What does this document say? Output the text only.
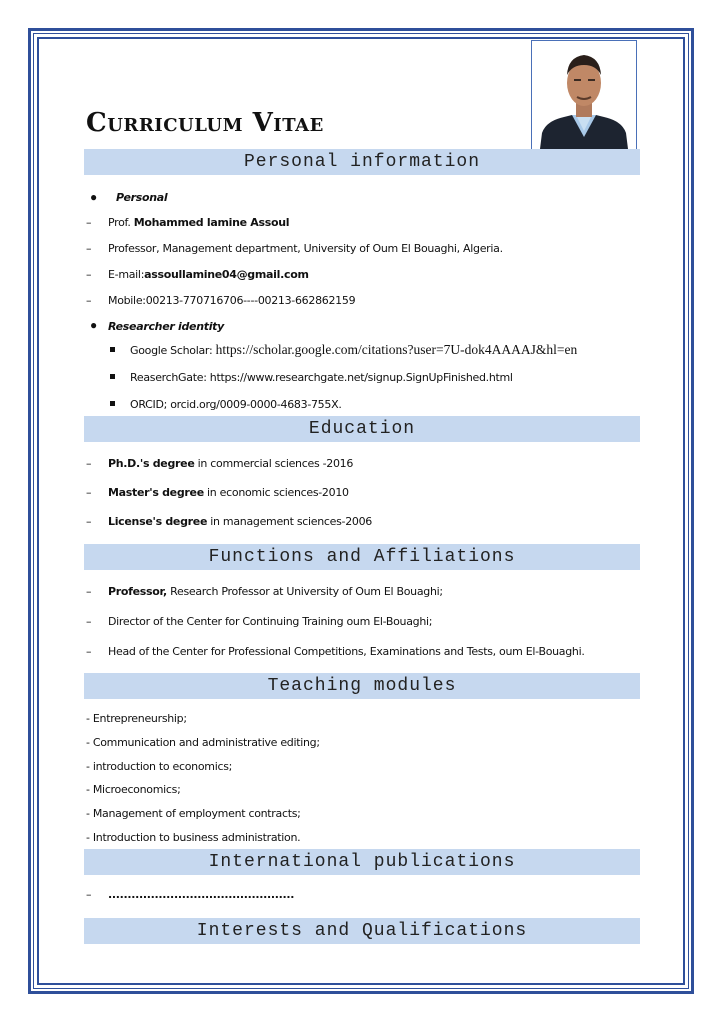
Curriculum Vitae
Personal information
● Personal
– Prof. Mohammed lamine Assoul
– Professor, Management department, University of Oum El Bouaghi, Algeria.
– E-mail:assoullamine04@gmail.com
– Mobile:00213-770716706----00213-662862159
● Researcher identity
Google Scholar: https://scholar.google.com/citations?user=7U-dok4AAAAJ&hl=en
ReaserchGate: https://www.researchgate.net/signup.SignUpFinished.html
ORCID; orcid.org/0009-0000-4683-755X.
Education
– Ph.D.'s degree in commercial sciences -2016
– Master's degree in economic sciences-2010
– License's degree in management sciences-2006
Functions and Affiliations
– Professor, Research Professor at University of Oum El Bouaghi;
– Director of the Center for Continuing Training oum El-Bouaghi;
– Head of the Center for Professional Competitions, Examinations and Tests, oum El-Bouaghi.
Teaching modules
- Entrepreneurship;
- Communication and administrative editing;
- introduction to economics;
- Microeconomics;
- Management of employment contracts;
- Introduction to business administration.
International publications
– ................................................
Interests and Qualifications
